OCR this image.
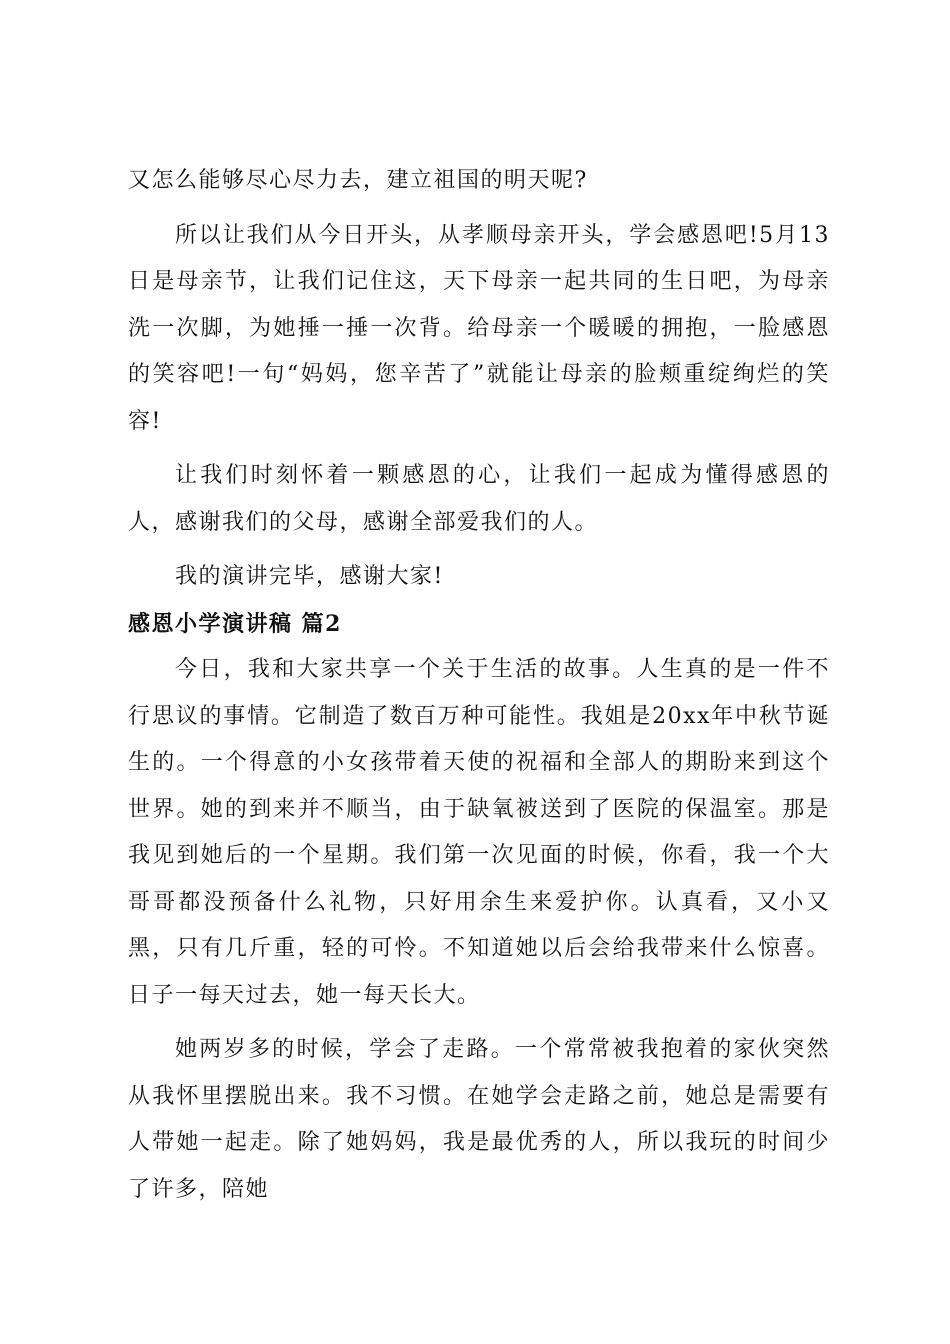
又怎么能够尽心尽力去，建立祖国的明天呢?

所以让我们从今日开头，从孝顺母亲开头，学会感恩吧!5月13日是母亲节，让我们记住这，天下母亲一起共同的生日吧，为母亲洗一次脚，为她捶一捶一次背。给母亲一个暖暖的拥抱，一脸感恩的笑容吧!一句“妈妈，您辛苦了”就能让母亲的脸颊重绽绚烂的笑容!

让我们时刻怀着一颗感恩的心，让我们一起成为懂得感恩的人，感谢我们的父母，感谢全部爱我们的人。

我的演讲完毕，感谢大家!

感恩小学演讲稿 篇2

今日，我和大家共享一个关于生活的故事。人生真的是一件不行思议的事情。它制造了数百万种可能性。我姐是20xx年中秋节诞生的。一个得意的小女孩带着天使的祝福和全部人的期盼来到这个世界。她的到来并不顺当，由于缺氧被送到了医院的保温室。那是我见到她后的一个星期。我们第一次见面的时候，你看，我一个大哥哥都没预备什么礼物，只好用余生来爱护你。认真看，又小又黑，只有几斤重，轻的可怜。不知道她以后会给我带来什么惊喜。日子一每天过去，她一每天长大。

她两岁多的时候，学会了走路。一个常常被我抱着的家伙突然从我怀里摆脱出来。我不习惯。在她学会走路之前，她总是需要有人带她一起走。除了她妈妈，我是最优秀的人，所以我玩的时间少了许多，陪她
